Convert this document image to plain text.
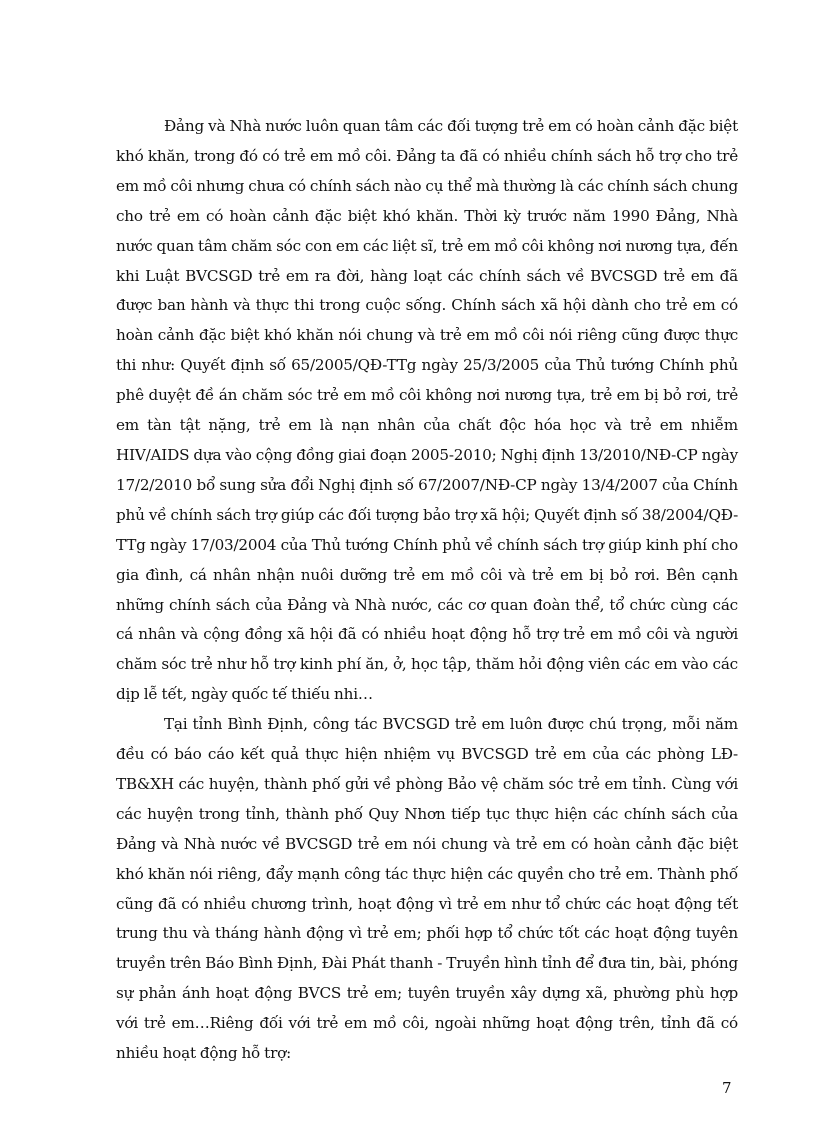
Đảng và Nhà nước luôn quan tâm các đối tượng trẻ em có hoàn cảnh đặc biệt khó khăn, trong đó có trẻ em mồ côi. Đảng ta đã có nhiều chính sách hỗ trợ cho trẻ em mồ côi nhưng chưa có chính sách nào cụ thể mà thường là các chính sách chung cho trẻ em có hoàn cảnh đặc biệt khó khăn. Thời kỳ trước năm 1990 Đảng, Nhà nước quan tâm chăm sóc con em các liệt sĩ, trẻ em mồ côi không nơi nương tựa, đến khi Luật BVCSGD trẻ em ra đời, hàng loạt các chính sách về BVCSGD trẻ em đã được ban hành và thực thi trong cuộc sống. Chính sách xã hội dành cho trẻ em có hoàn cảnh đặc biệt khó khăn nói chung và trẻ em mồ côi nói riêng cũng được thực thi như: Quyết định số 65/2005/QĐ-TTg ngày 25/3/2005 của Thủ tướng Chính phủ phê duyệt đề án chăm sóc trẻ em mồ côi không nơi nương tựa, trẻ em bị bỏ rơi, trẻ em tàn tật nặng, trẻ em là nạn nhân của chất độc hóa học và trẻ em nhiễm HIV/AIDS dựa vào cộng đồng giai đoạn 2005-2010; Nghị định 13/2010/NĐ-CP ngày 17/2/2010 bổ sung sửa đổi Nghị định số 67/2007/NĐ-CP ngày 13/4/2007 của Chính phủ về chính sách trợ giúp các đối tượng bảo trợ xã hội; Quyết định số 38/2004/QĐ-TTg ngày 17/03/2004 của Thủ tướng Chính phủ về chính sách trợ giúp kinh phí cho gia đình, cá nhân nhận nuôi dưỡng trẻ em mồ côi và trẻ em bị bỏ rơi. Bên cạnh những chính sách của Đảng và Nhà nước, các cơ quan đoàn thể, tổ chức cùng các cá nhân và cộng đồng xã hội đã có nhiều hoạt động hỗ trợ trẻ em mồ côi và người chăm sóc trẻ như hỗ trợ kinh phí ăn, ở, học tập, thăm hỏi động viên các em vào các dịp lễ tết, ngày quốc tế thiếu nhi…

Tại tỉnh Bình Định, công tác BVCSGD trẻ em luôn được chú trọng, mỗi năm đều có báo cáo kết quả thực hiện nhiệm vụ BVCSGD trẻ em của các phòng LĐ-TB&XH các huyện, thành phố gửi về phòng Bảo vệ chăm sóc trẻ em tỉnh. Cùng với các huyện trong tỉnh, thành phố Quy Nhơn tiếp tục thực hiện các chính sách của Đảng và Nhà nước về BVCSGD trẻ em nói chung và trẻ em có hoàn cảnh đặc biệt khó khăn nói riêng, đẩy mạnh công tác thực hiện các quyền cho trẻ em. Thành phố cũng đã có nhiều chương trình, hoạt động vì trẻ em như tổ chức các hoạt động tết trung thu và tháng hành động vì trẻ em; phối hợp tổ chức tốt các hoạt động tuyên truyền trên Báo Bình Định, Đài Phát thanh - Truyền hình tỉnh để đưa tin, bài, phóng sự phản ánh hoạt động BVCS trẻ em; tuyên truyền xây dựng xã, phường phù hợp với trẻ em…Riêng đối với trẻ em mồ côi, ngoài những hoạt động trên, tỉnh đã có nhiều hoạt động hỗ trợ:

7
